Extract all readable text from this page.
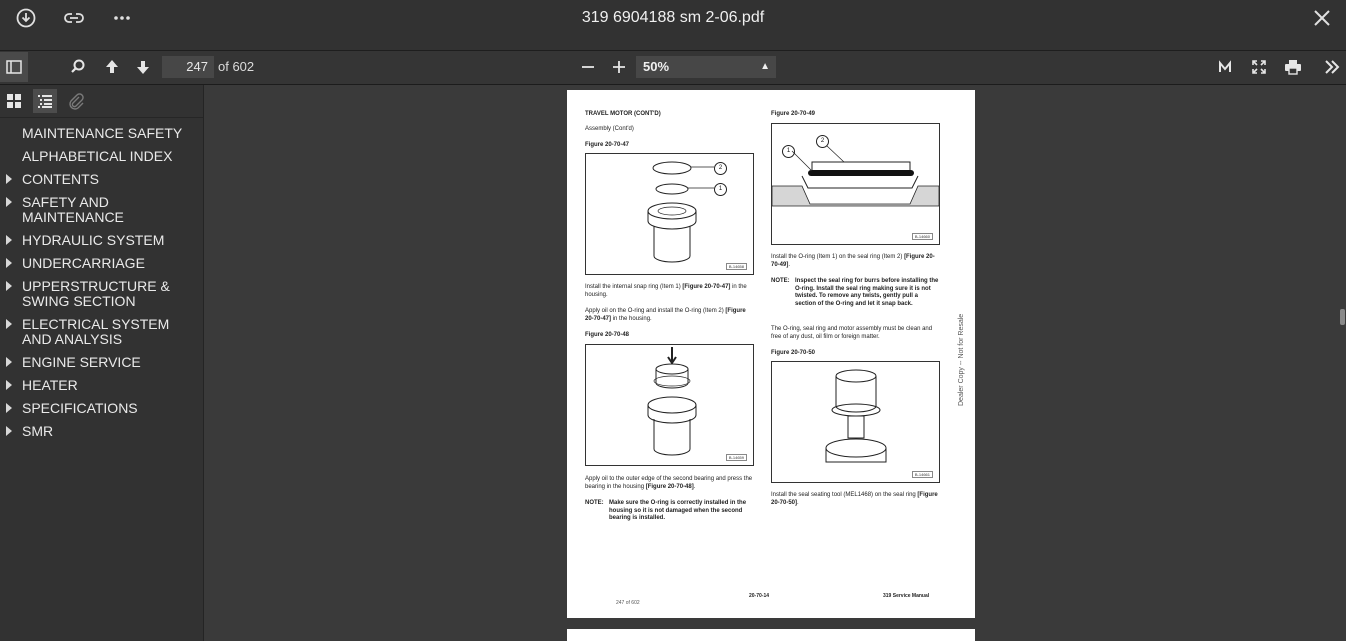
319 6904188 sm 2-06.pdf
247
of 602	50%	▲

MAINTENANCE SAFETY
ALPHABETICAL INDEX
CONTENTS
SAFETY AND MAINTENANCE
HYDRAULIC SYSTEM
UNDERCARRIAGE
UPPERSTRUCTURE & SWING SECTION
ELECTRICAL SYSTEM AND ANALYSIS
ENGINE SERVICE
HEATER
SPECIFICATIONS
SMR
TRAVEL MOTOR (CONT'D)
Assembly (Cont'd)
Figure 20-70-47
2
1
B-14658
Install the internal snap ring (Item 1) [Figure 20-70-47] in the housing.
Apply oil on the O-ring and install the O-ring (Item 2) [Figure 20-70-47] in the housing.
Figure 20-70-48
B-14659
Apply oil to the outer edge of the second bearing and press the bearing in the housing [Figure 20-70-48].
NOTE: Make sure the O-ring is correctly installed in the housing so it is not damaged when the second bearing is installed.
Figure 20-70-49
1
2
B-14660
Install the O-ring (Item 1) on the seal ring (Item 2) [Figure 20-70-49].
NOTE: Inspect the seal ring for burrs before installing the O-ring. Install the seal ring making sure it is not twisted. To remove any twists, gently pull a section of the O-ring and let it snap back.
The O-ring, seal ring and motor assembly must be clean and free of any dust, oil film or foreign matter.
Figure 20-70-50
B-14661
Install the seal seating tool (MEL1468) on the seal ring [Figure 20-70-50].
Dealer Copy -- Not for Resale
247 of 602
20-70-14	319 Service Manual
